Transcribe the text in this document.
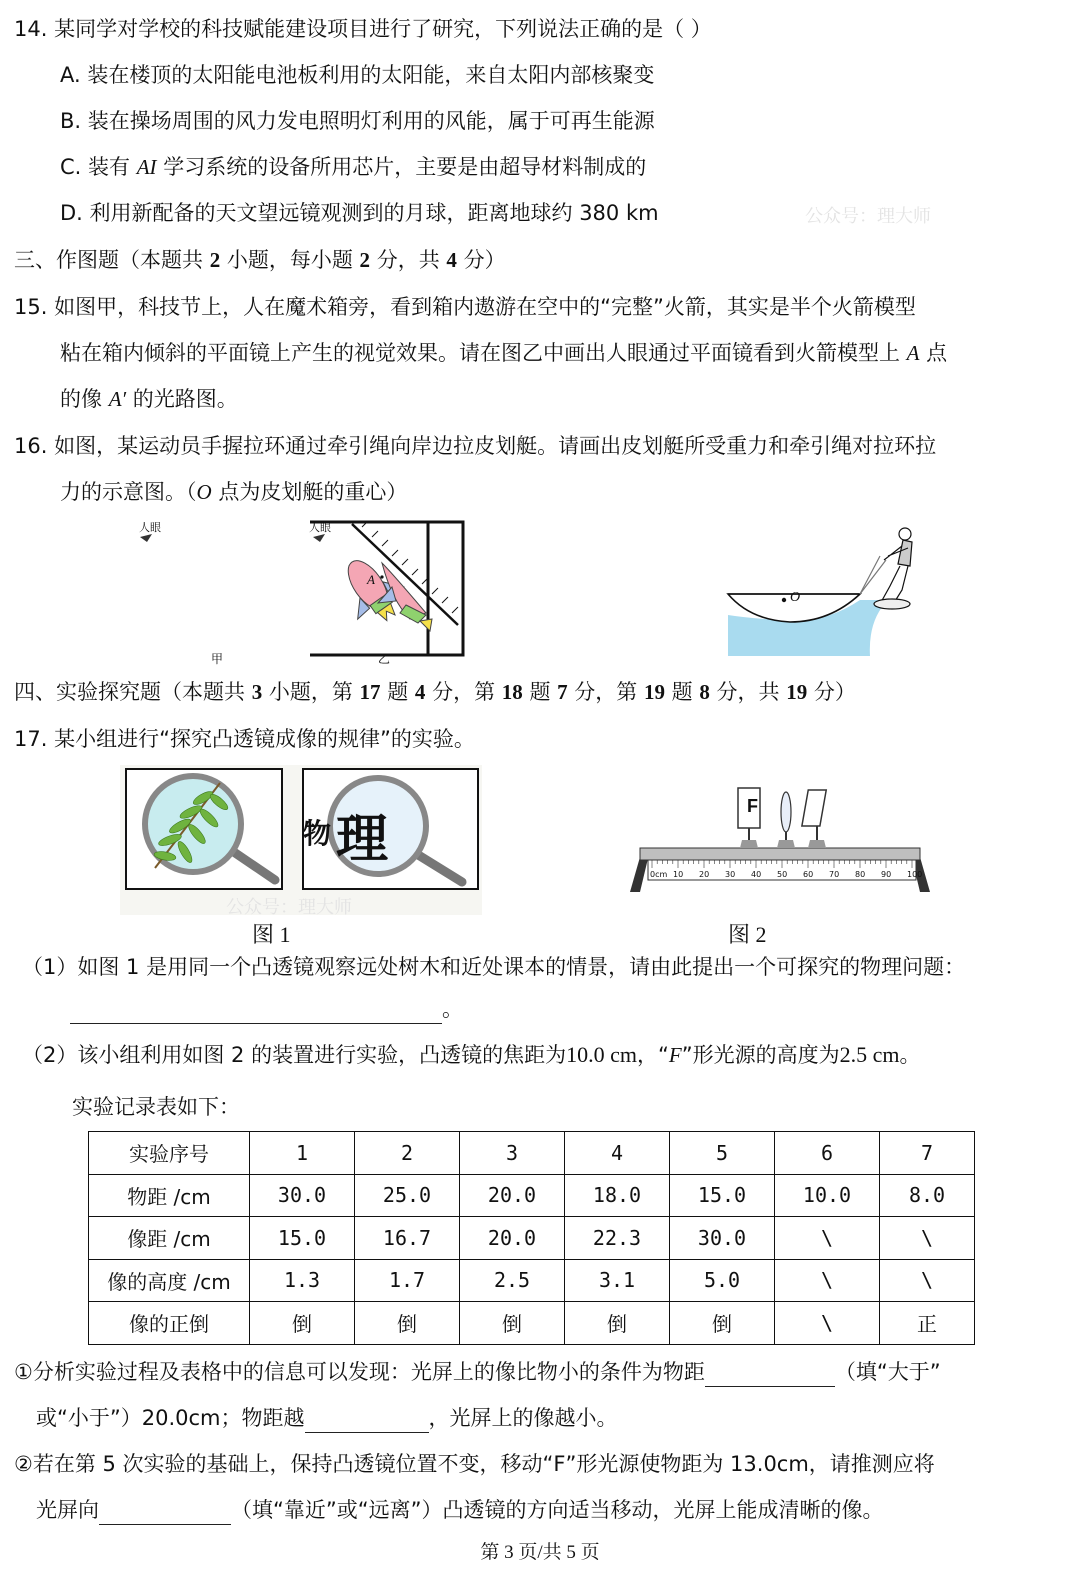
14. 某同学对学校的科技赋能建设项目进行了研究，下列说法正确的是（ ）
A. 装在楼顶的太阳能电池板利用的太阳能，来自太阳内部核聚变
B. 装在操场周围的风力发电照明灯利用的风能，属于可再生能源
C. 装有 AI 学习系统的设备所用芯片，主要是由超导材料制成的
D. 利用新配备的天文望远镜观测到的月球，距离地球约 380 km	公众号：理大师
三、作图题（本题共 2 小题，每小题 2 分，共 4 分）
15. 如图甲，科技节上，人在魔术箱旁，看到箱内遨游在空中的“完整”火箭，其实是半个火箭模型
粘在箱内倾斜的平面镜上产生的视觉效果。请在图乙中画出人眼通过平面镜看到火箭模型上 A 点
的像 A′ 的光路图。
16. 如图，某运动员手握拉环通过牵引绳向岸边拉皮划艇。请画出皮划艇所受重力和牵引绳对拉环拉
力的示意图。（O 点为皮划艇的重心）
人眼	人眼
甲	乙
A
O
四、实验探究题（本题共 3 小题，第 17 题 4 分，第 18 题 7 分，第 19 题 8 分，共 19 分）
17. 某小组进行“探究凸透镜成像的规律”的实验。
物 理
公众号：理大师
图 1
F
0cm 10 20 30 40 50 60 70 80 90 100
图 2
（1）如图 1 是用同一个凸透镜观察远处树木和近处课本的情景，请由此提出一个可探究的物理问题：
。
（2）该小组利用如图 2 的装置进行实验，凸透镜的焦距为10.0 cm，“F”形光源的高度为2.5 cm。
实验记录表如下：
实验序号	1	2	3	4	5	6	7
物距 /cm	30.0	25.0	20.0	18.0	15.0	10.0	8.0
像距 /cm	15.0	16.7	20.0	22.3	30.0	\	\
像的高度 /cm	1.3	1.7	2.5	3.1	5.0	\	\
像的正倒	倒	倒	倒	倒	倒	\	正
①分析实验过程及表格中的信息可以发现：光屏上的像比物小的条件为物距	（填“大于”
或“小于”）20.0cm；物距越	，光屏上的像越小。
②若在第 5 次实验的基础上，保持凸透镜位置不变，移动“F”形光源使物距为 13.0cm，请推测应将
光屏向	（填“靠近”或“远离”）凸透镜的方向适当移动，光屏上能成清晰的像。
第 3 页/共 5 页
